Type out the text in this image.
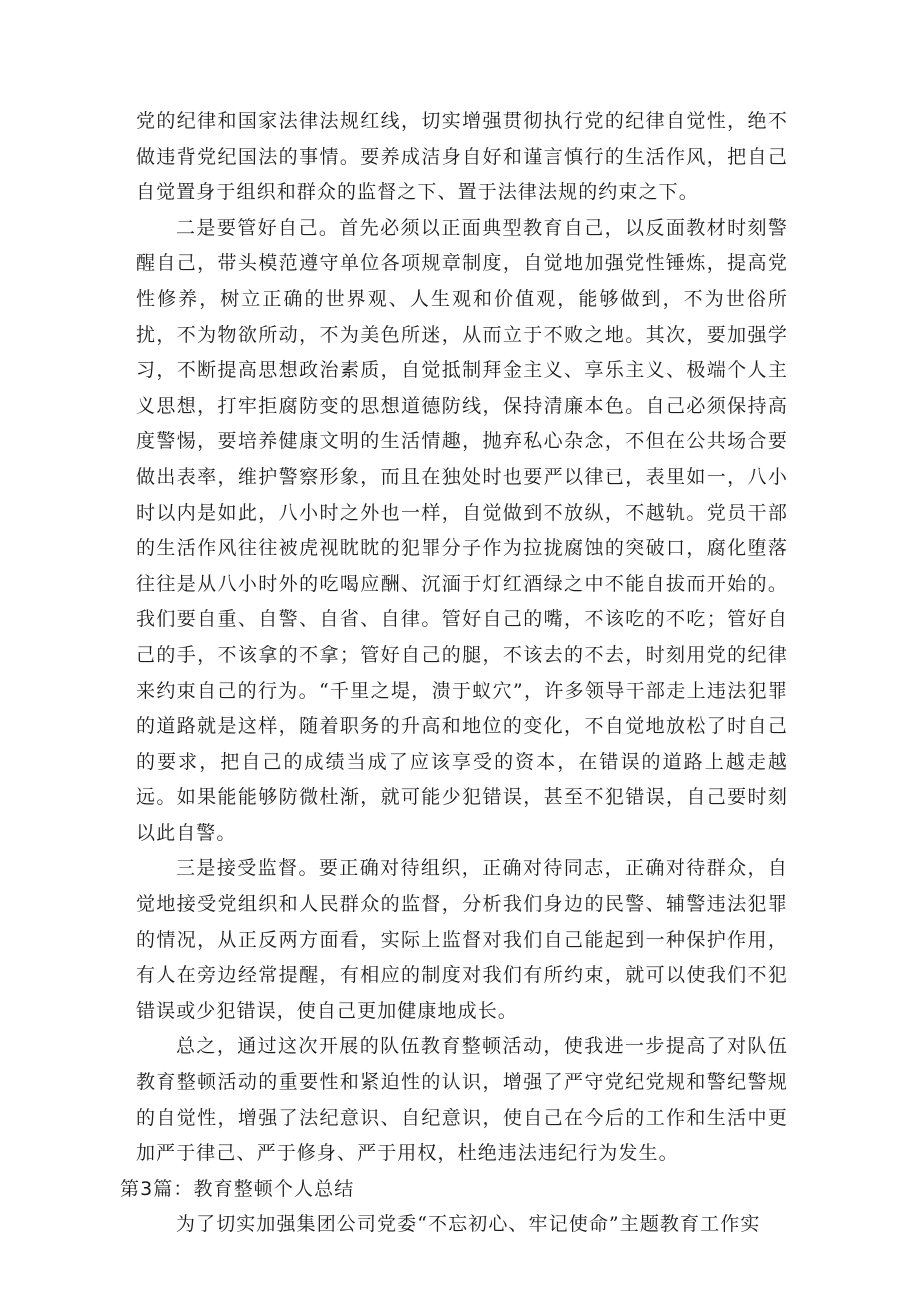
党的纪律和国家法律法规红线，切实增强贯彻执行党的纪律自觉性，绝不做违背党纪国法的事情。要养成洁身自好和谨言慎行的生活作风，把自己自觉置身于组织和群众的监督之下、置于法律法规的约束之下。

二是要管好自己。首先必须以正面典型教育自己，以反面教材时刻警醒自己，带头模范遵守单位各项规章制度，自觉地加强党性锤炼，提高党性修养，树立正确的世界观、人生观和价值观，能够做到，不为世俗所扰，不为物欲所动，不为美色所迷，从而立于不败之地。其次，要加强学习，不断提高思想政治素质，自觉抵制拜金主义、享乐主义、极端个人主义思想，打牢拒腐防变的思想道德防线，保持清廉本色。自己必须保持高度警惕，要培养健康文明的生活情趣，抛弃私心杂念，不但在公共场合要做出表率，维护警察形象，而且在独处时也要严以律已，表里如一，八小时以内是如此，八小时之外也一样，自觉做到不放纵，不越轨。党员干部的生活作风往往被虎视眈眈的犯罪分子作为拉拢腐蚀的突破口，腐化堕落往往是从八小时外的吃喝应酬、沉湎于灯红酒绿之中不能自拔而开始的。我们要自重、自警、自省、自律。管好自己的嘴，不该吃的不吃；管好自己的手，不该拿的不拿；管好自己的腿，不该去的不去，时刻用党的纪律来约束自己的行为。“千里之堤，溃于蚁穴”，许多领导干部走上违法犯罪的道路就是这样，随着职务的升高和地位的变化，不自觉地放松了时自己的要求，把自己的成绩当成了应该享受的资本，在错误的道路上越走越远。如果能能够防微杜渐，就可能少犯错误，甚至不犯错误，自己要时刻以此自警。

三是接受监督。要正确对待组织，正确对待同志，正确对待群众，自觉地接受党组织和人民群众的监督，分析我们身边的民警、辅警违法犯罪的情况，从正反两方面看，实际上监督对我们自己能起到一种保护作用，有人在旁边经常提醒，有相应的制度对我们有所约束，就可以使我们不犯错误或少犯错误，使自己更加健康地成长。

总之，通过这次开展的队伍教育整顿活动，使我进一步提高了对队伍教育整顿活动的重要性和紧迫性的认识，增强了严守党纪党规和警纪警规的自觉性，增强了法纪意识、自纪意识，使自己在今后的工作和生活中更加严于律己、严于修身、严于用权，杜绝违法违纪行为发生。

第3篇：教育整顿个人总结

为了切实加强集团公司党委“不忘初心、牢记使命”主题教育工作实
